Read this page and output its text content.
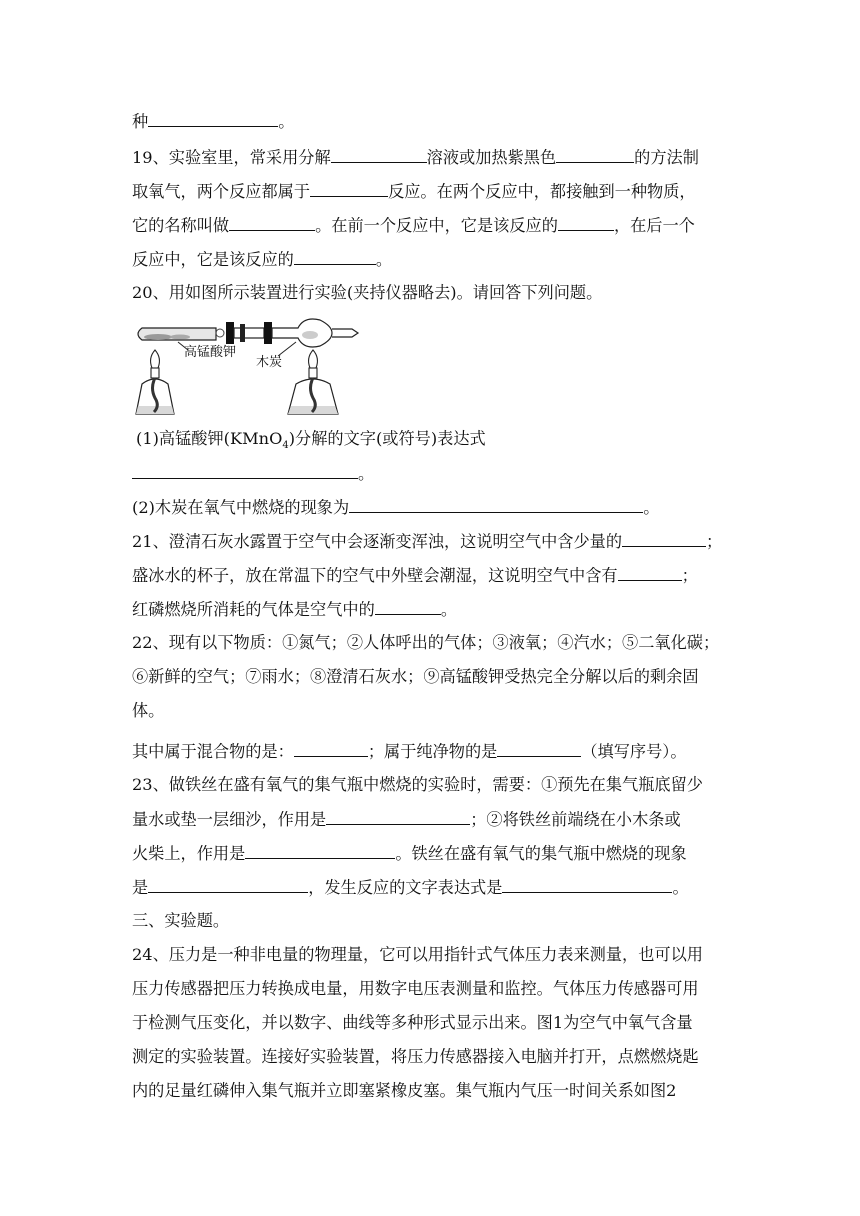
种	。
19、实验室里，常采用分解	溶液或加热紫黑色	的方法制
取氧气，两个反应都属于	反应。在两个反应中，都接触到一种物质，
它的名称叫做	。在前一个反应中，它是该反应的	，在后一个
反应中，它是该反应的	。
20、用如图所示装置进行实验(夹持仪器略去)。请回答下列问题。
高锰酸钾
木炭
(1)高锰酸钾(KMnO$_4$)分解的文字(或符号)表达式
。
(2)木炭在氧气中燃烧的现象为	。
21、澄清石灰水露置于空气中会逐渐变浑浊，这说明空气中含少量的	；
盛冰水的杯子，放在常温下的空气中外壁会潮湿，这说明空气中含有	；
红磷燃烧所消耗的气体是空气中的	。
22、现有以下物质：①氮气；②人体呼出的气体；③液氧；④汽水；⑤二氧化碳；
⑥新鲜的空气；⑦雨水；⑧澄清石灰水；⑨高锰酸钾受热完全分解以后的剩余固
体。
其中属于混合物的是：	；属于纯净物的是	（填写序号）。
23、做铁丝在盛有氧气的集气瓶中燃烧的实验时，需要：①预先在集气瓶底留少
量水或垫一层细沙，作用是	；②将铁丝前端绕在小木条或
火柴上，作用是	。铁丝在盛有氧气的集气瓶中燃烧的现象
是	，发生反应的文字表达式是	。
三、实验题。
24、压力是一种非电量的物理量，它可以用指针式气体压力表来测量，也可以用
压力传感器把压力转换成电量，用数字电压表测量和监控。气体压力传感器可用
于检测气压变化，并以数字、曲线等多种形式显示出来。图1为空气中氧气含量
测定的实验装置。连接好实验装置，将压力传感器接入电脑并打开，点燃燃烧匙
内的足量红磷伸入集气瓶并立即塞紧橡皮塞。集气瓶内气压一时间关系如图2
